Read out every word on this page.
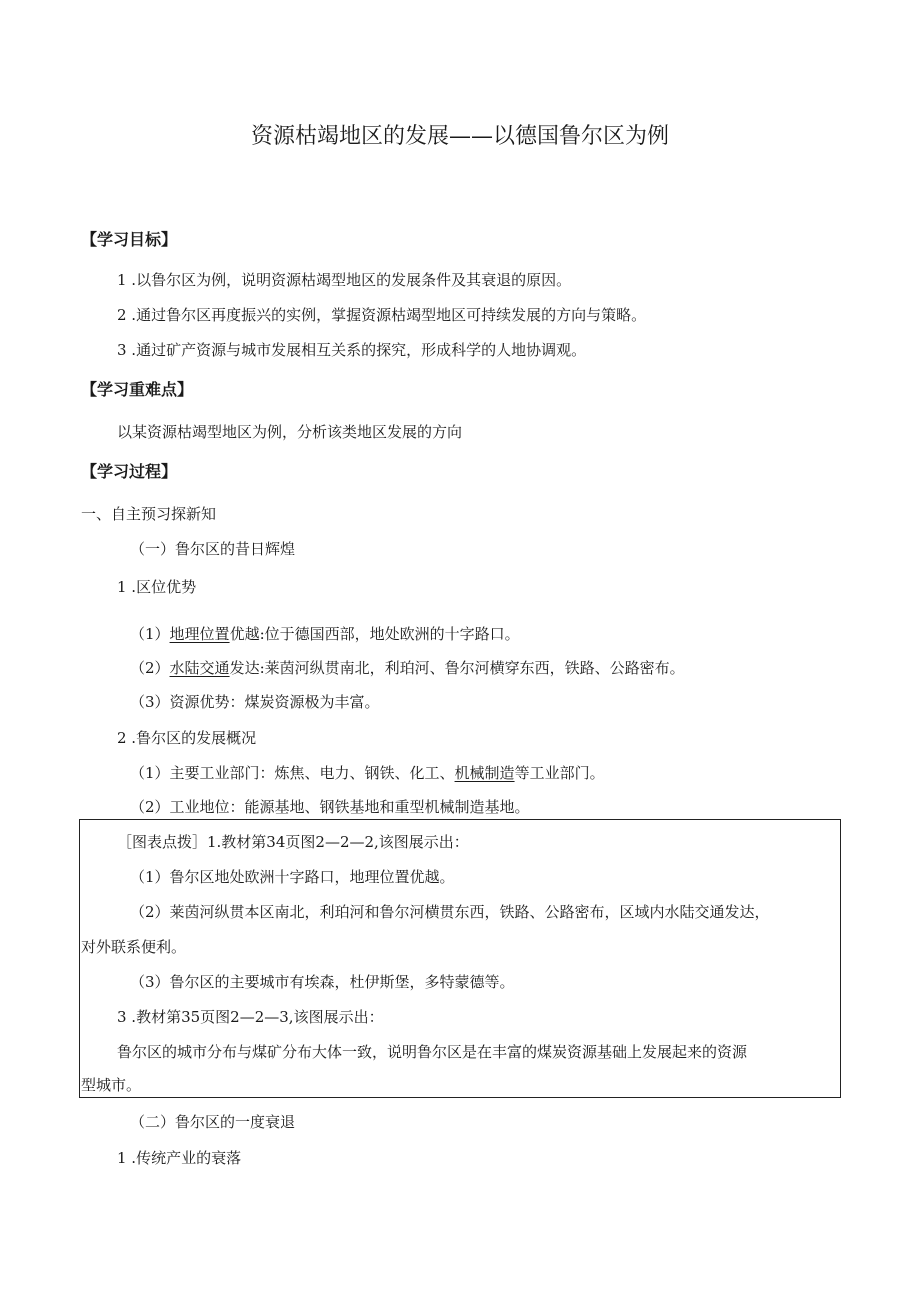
资源枯竭地区的发展——以德国鲁尔区为例
【学习目标】
1 .以鲁尔区为例，说明资源枯竭型地区的发展条件及其衰退的原因。
2 .通过鲁尔区再度振兴的实例，掌握资源枯竭型地区可持续发展的方向与策略。
3 .通过矿产资源与城市发展相互关系的探究，形成科学的人地协调观。
【学习重难点】
以某资源枯竭型地区为例，分析该类地区发展的方向
【学习过程】
一、自主预习探新知
（一）鲁尔区的昔日辉煌
1 .区位优势
（1）地理位置优越:位于德国西部，地处欧洲的十字路口。
（2）水陆交通发达:莱茵河纵贯南北，利珀河、鲁尔河横穿东西，铁路、公路密布。
（3）资源优势：煤炭资源极为丰富。
2 .鲁尔区的发展概况
（1）主要工业部门：炼焦、电力、钢铁、化工、机械制造等工业部门。
（2）工业地位：能源基地、钢铁基地和重型机械制造基地。
［图表点拨］1.教材第34页图2—2—2,该图展示出：
（1）鲁尔区地处欧洲十字路口，地理位置优越。
（2）莱茵河纵贯本区南北，利珀河和鲁尔河横贯东西，铁路、公路密布，区域内水陆交通发达，
对外联系便利。
（3）鲁尔区的主要城市有埃森，杜伊斯堡，多特蒙德等。
3 .教材第35页图2—2—3,该图展示出：
鲁尔区的城市分布与煤矿分布大体一致，说明鲁尔区是在丰富的煤炭资源基础上发展起来的资源
型城市。
（二）鲁尔区的一度衰退
1 .传统产业的衰落
